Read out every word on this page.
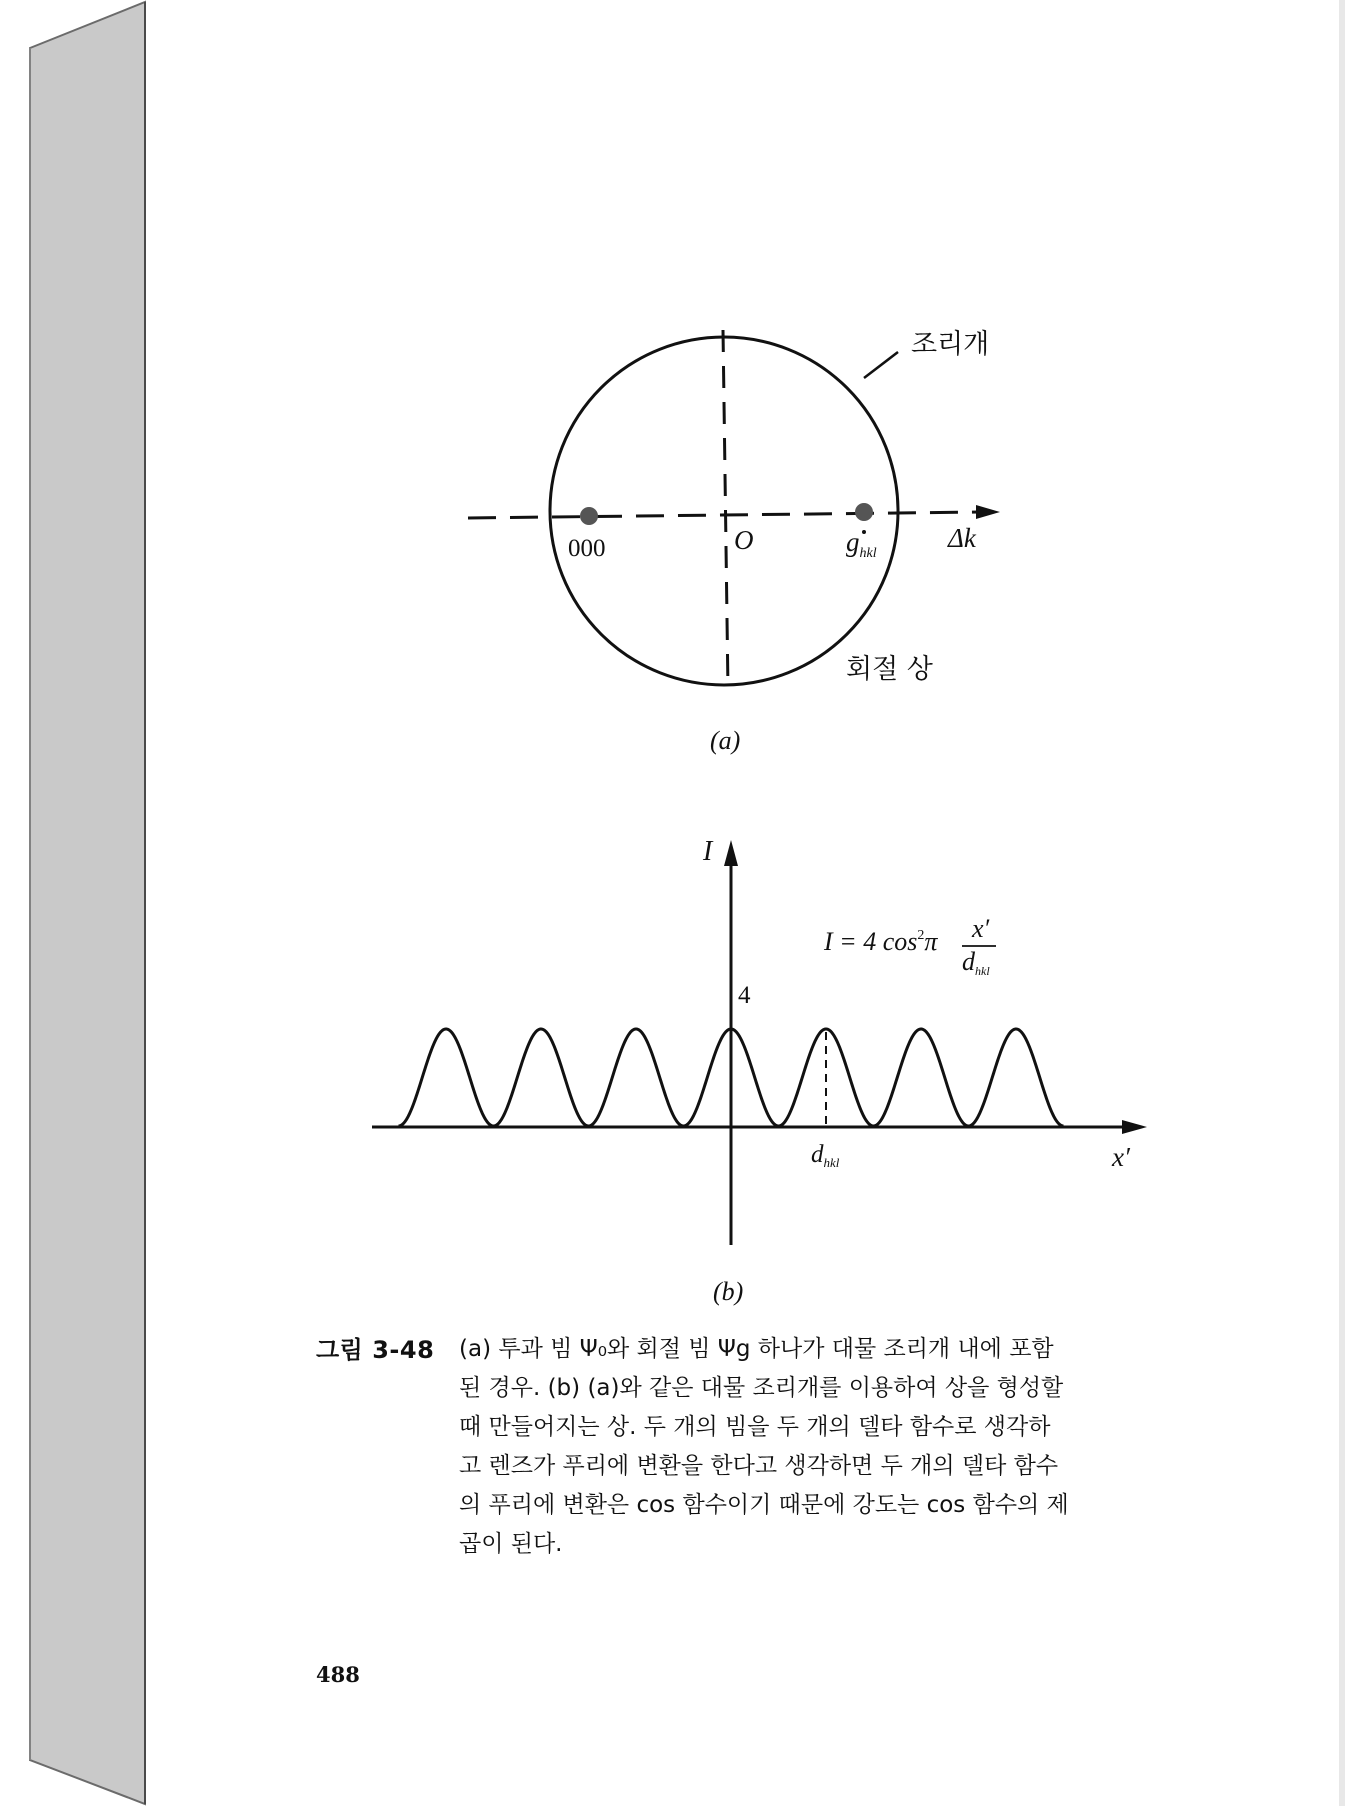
조리개
000	O	$g_{hkl}$
Δk
회절 상
(a)
I
x′
4
$d_{hkl}$
I = 4 $\cos^2\pi$ x′
dhkl
(b)
그림 3-48 (a) 투과 빔 Ψ₀와 회절 빔 Ψg 하나가 대물 조리개 내에 포함

된 경우. (b) (a)와 같은 대물 조리개를 이용하여 상을 형성할

때 만들어지는 상. 두 개의 빔을 두 개의 델타 함수로 생각하

고 렌즈가 푸리에 변환을 한다고 생각하면 두 개의 델타 함수

의 푸리에 변환은 cos 함수이기 때문에 강도는 cos 함수의 제

곱이 된다.

488
